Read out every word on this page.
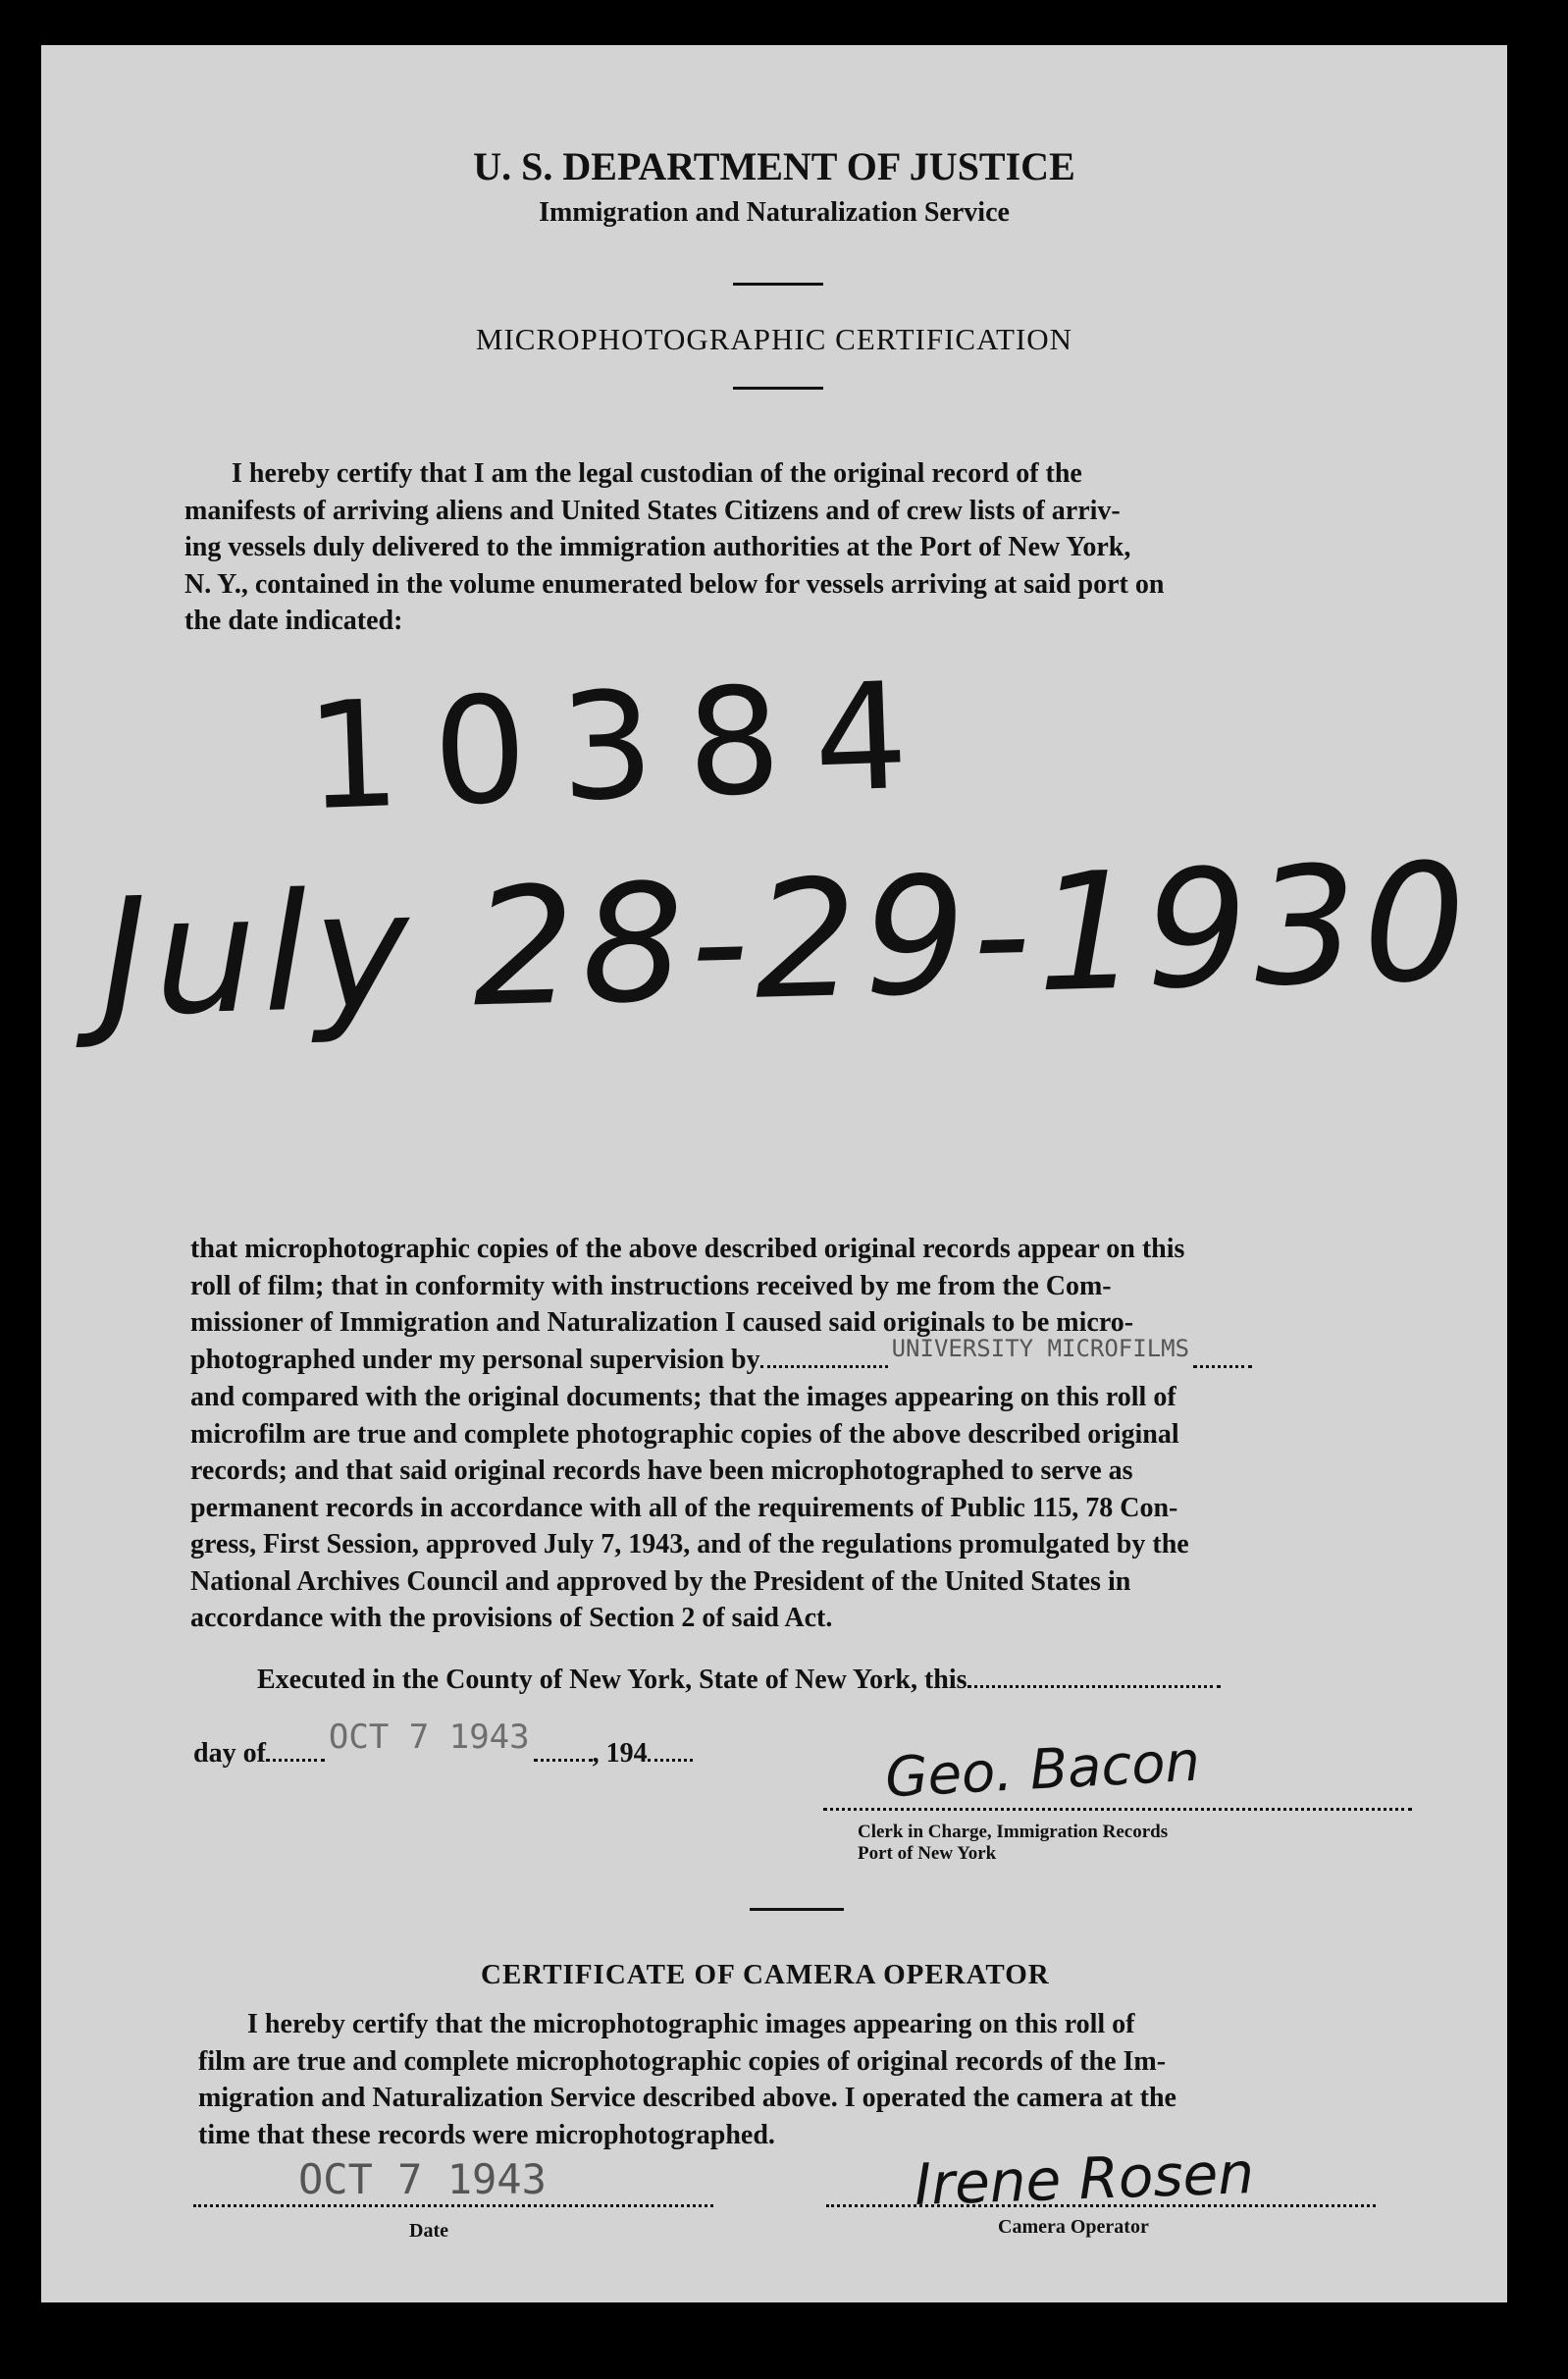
U. S. DEPARTMENT OF JUSTICE
Immigration and Naturalization Service
MICROPHOTOGRAPHIC CERTIFICATION

I hereby certify that I am the legal custodian of the original record of the

manifests of arriving aliens and United States Citizens and of crew lists of arriv-

ing vessels duly delivered to the immigration authorities at the Port of New York,

N. Y., contained in the volume enumerated below for vessels arriving at said port on

the date indicated:

10384
July 28-29-1930

that microphotographic copies of the above described original records appear on this

roll of film; that in conformity with instructions received by me from the Com-

missioner of Immigration and Naturalization I caused said originals to be micro-

photographed under my personal supervision by	UNIVERSITY MICROFILMS

and compared with the original documents; that the images appearing on this roll of

microfilm are true and complete photographic copies of the above described original

records; and that said original records have been microphotographed to serve as

permanent records in accordance with all of the requirements of Public 115, 78 Con-

gress, First Session, approved July 7, 1943, and of the regulations promulgated by the

National Archives Council and approved by the President of the United States in

accordance with the provisions of Section 2 of said Act.

Executed in the County of New York, State of New York, this
day of OCT 7 1943 , 194	Geo. Bacon
Clerk in Charge, Immigration Records
Port of New York
CERTIFICATE OF CAMERA OPERATOR

I hereby certify that the microphotographic images appearing on this roll of

film are true and complete microphotographic copies of original records of the Im-

migration and Naturalization Service described above. I operated the camera at the

time that these records were microphotographed.

OCT 7 1943
Date
Irene Rosen
Camera Operator
